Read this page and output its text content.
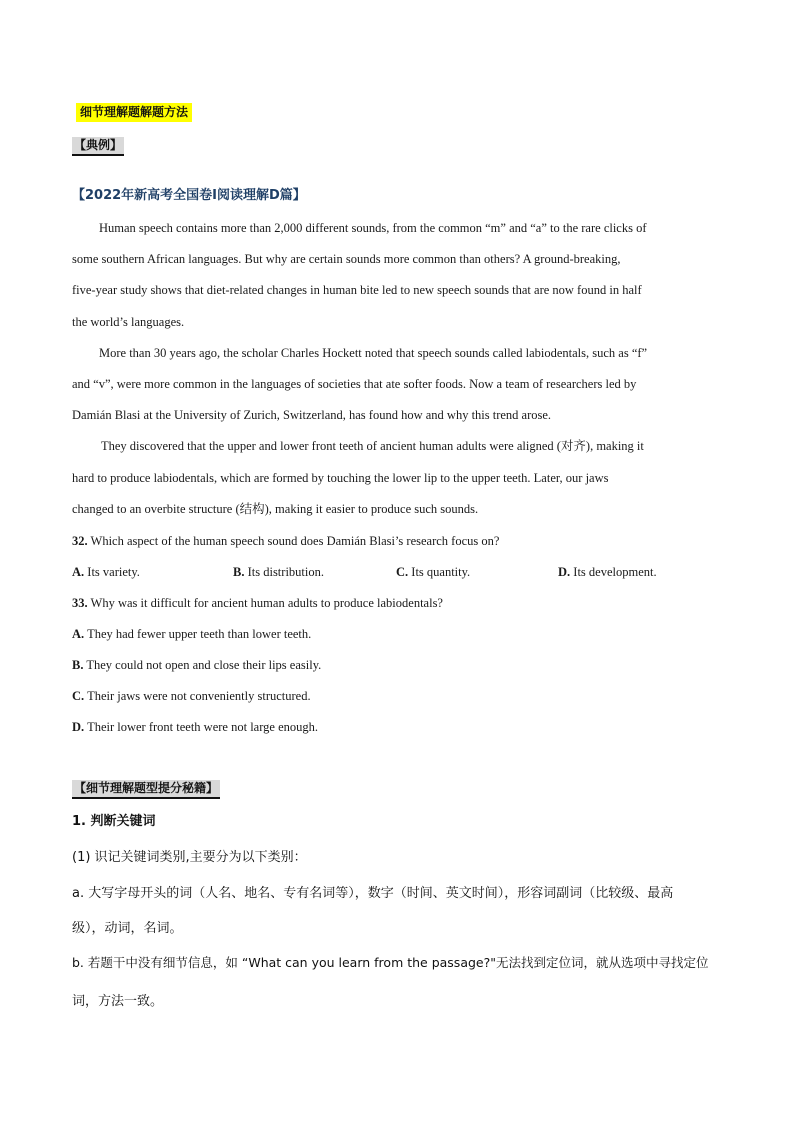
细节理解题解题方法
【典例】
【2022年新高考全国卷Ⅰ阅读理解D篇】
Human speech contains more than 2,000 different sounds, from the common “m” and “a” to the rare clicks of
some southern African languages. But why are certain sounds more common than others? A ground-breaking,
five-year study shows that diet-related changes in human bite led to new speech sounds that are now found in half
the world’s languages.
More than 30 years ago, the scholar Charles Hockett noted that speech sounds called labiodentals, such as “f”
and “v”, were more common in the languages of societies that ate softer foods. Now a team of researchers led by
Damián Blasi at the University of Zurich, Switzerland, has found how and why this trend arose.
They discovered that the upper and lower front teeth of ancient human adults were aligned (对齐), making it
hard to produce labiodentals, which are formed by touching the lower lip to the upper teeth. Later, our jaws
changed to an overbite structure (结构), making it easier to produce such sounds.
32. Which aspect of the human speech sound does Damián Blasi’s research focus on?
A. Its variety.	B. Its distribution.	C. Its quantity.	D. Its development.
33. Why was it difficult for ancient human adults to produce labiodentals?
A. They had fewer upper teeth than lower teeth.
B. They could not open and close their lips easily.
C. Their jaws were not conveniently structured.
D. Their lower front teeth were not large enough.
【细节理解题型提分秘籍】
1. 判断关键词
(1) 识记关键词类别,主要分为以下类别：
a. 大写字母开头的词（人名、地名、专有名词等），数字（时间、英文时间），形容词副词（比较级、最高
级），动词，名词。
b. 若题干中没有细节信息，如 “What can you learn from the passage?"无法找到定位词，就从选项中寻找定位
词，方法一致。
